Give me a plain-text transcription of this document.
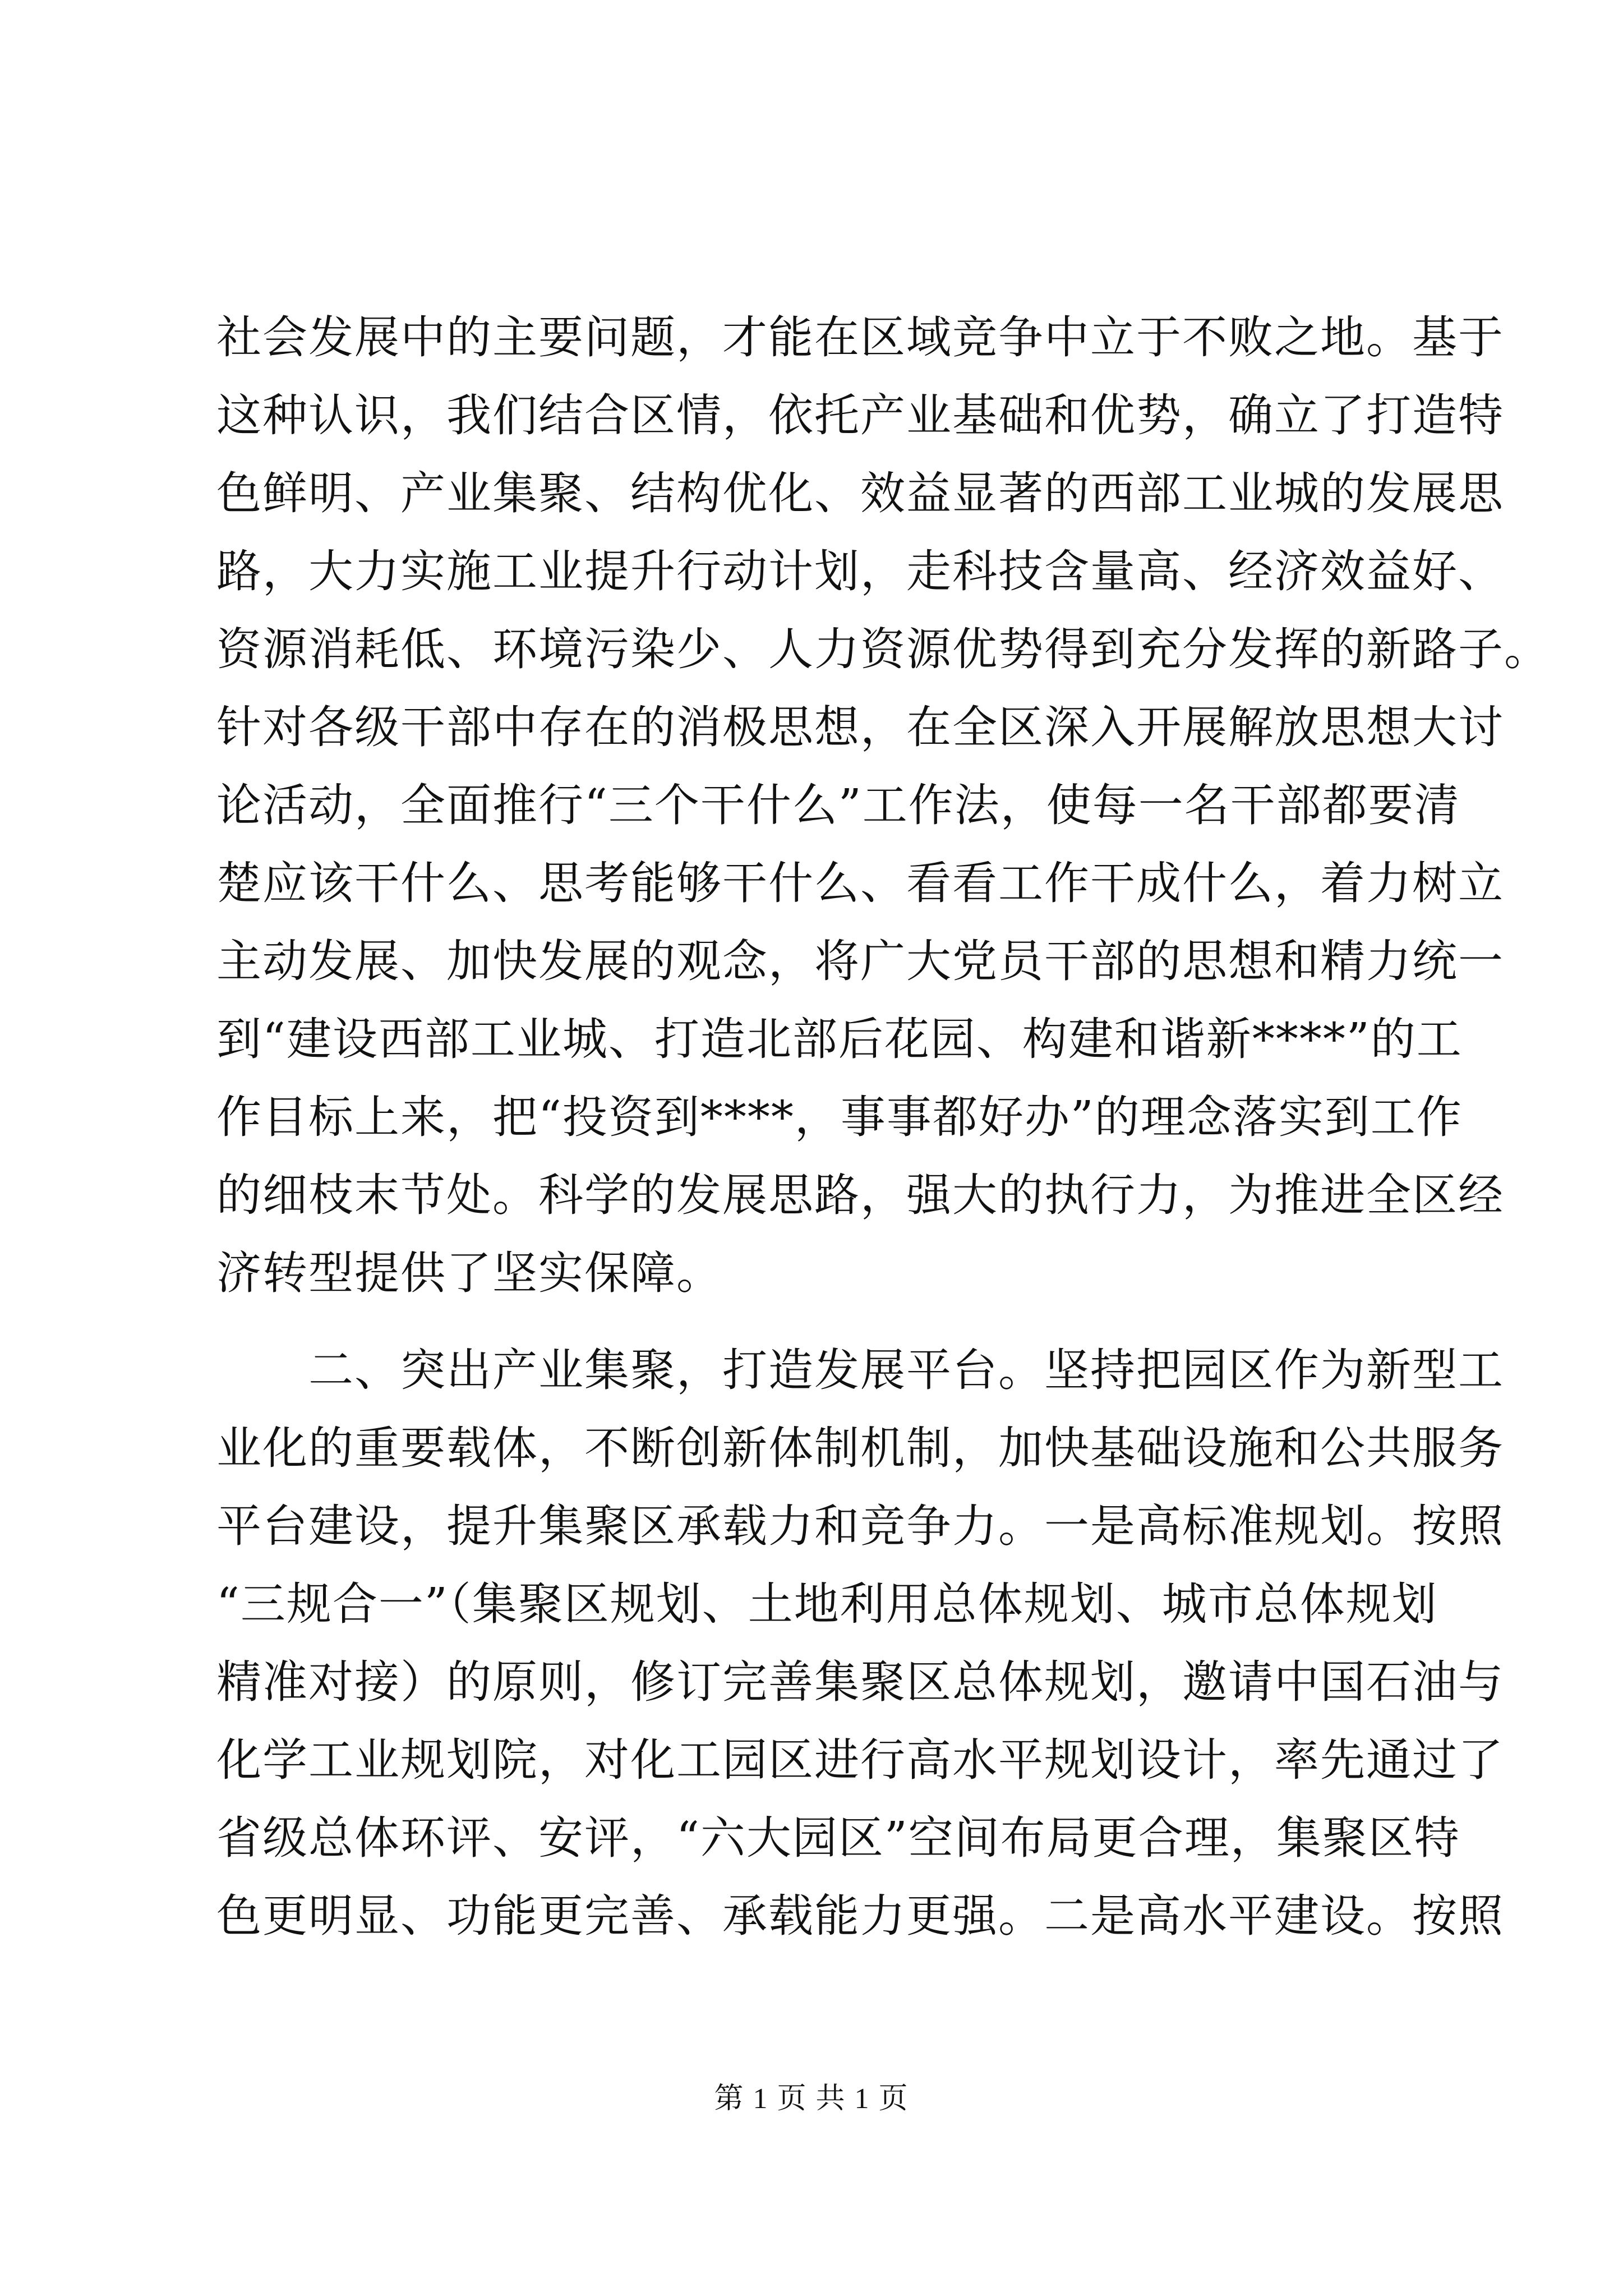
社会发展中的主要问题，才能在区域竞争中立于不败之地。基于
这种认识，我们结合区情，依托产业基础和优势，确立了打造特
色鲜明、产业集聚、结构优化、效益显著的西部工业城的发展思
路，大力实施工业提升行动计划，走科技含量高、经济效益好、
资源消耗低、环境污染少、人力资源优势得到充分发挥的新路子。
针对各级干部中存在的消极思想，在全区深入开展解放思想大讨
论活动，全面推行“三个干什么”工作法，使每一名干部都要清
楚应该干什么、思考能够干什么、看看工作干成什么，着力树立
主动发展、加快发展的观念，将广大党员干部的思想和精力统一
到“建设西部工业城、打造北部后花园、构建和谐新****”的工
作目标上来，把“投资到****，事事都好办”的理念落实到工作
的细枝末节处。科学的发展思路，强大的执行力，为推进全区经
济转型提供了坚实保障。
　　二、突出产业集聚，打造发展平台。坚持把园区作为新型工
业化的重要载体，不断创新体制机制，加快基础设施和公共服务
平台建设，提升集聚区承载力和竞争力。一是高标准规划。按照
“三规合一”（集聚区规划、土地利用总体规划、城市总体规划
精准对接）的原则，修订完善集聚区总体规划，邀请中国石油与
化学工业规划院，对化工园区进行高水平规划设计，率先通过了
省级总体环评、安评，“六大园区”空间布局更合理，集聚区特
色更明显、功能更完善、承载能力更强。二是高水平建设。按照
第 1 页 共 1 页
